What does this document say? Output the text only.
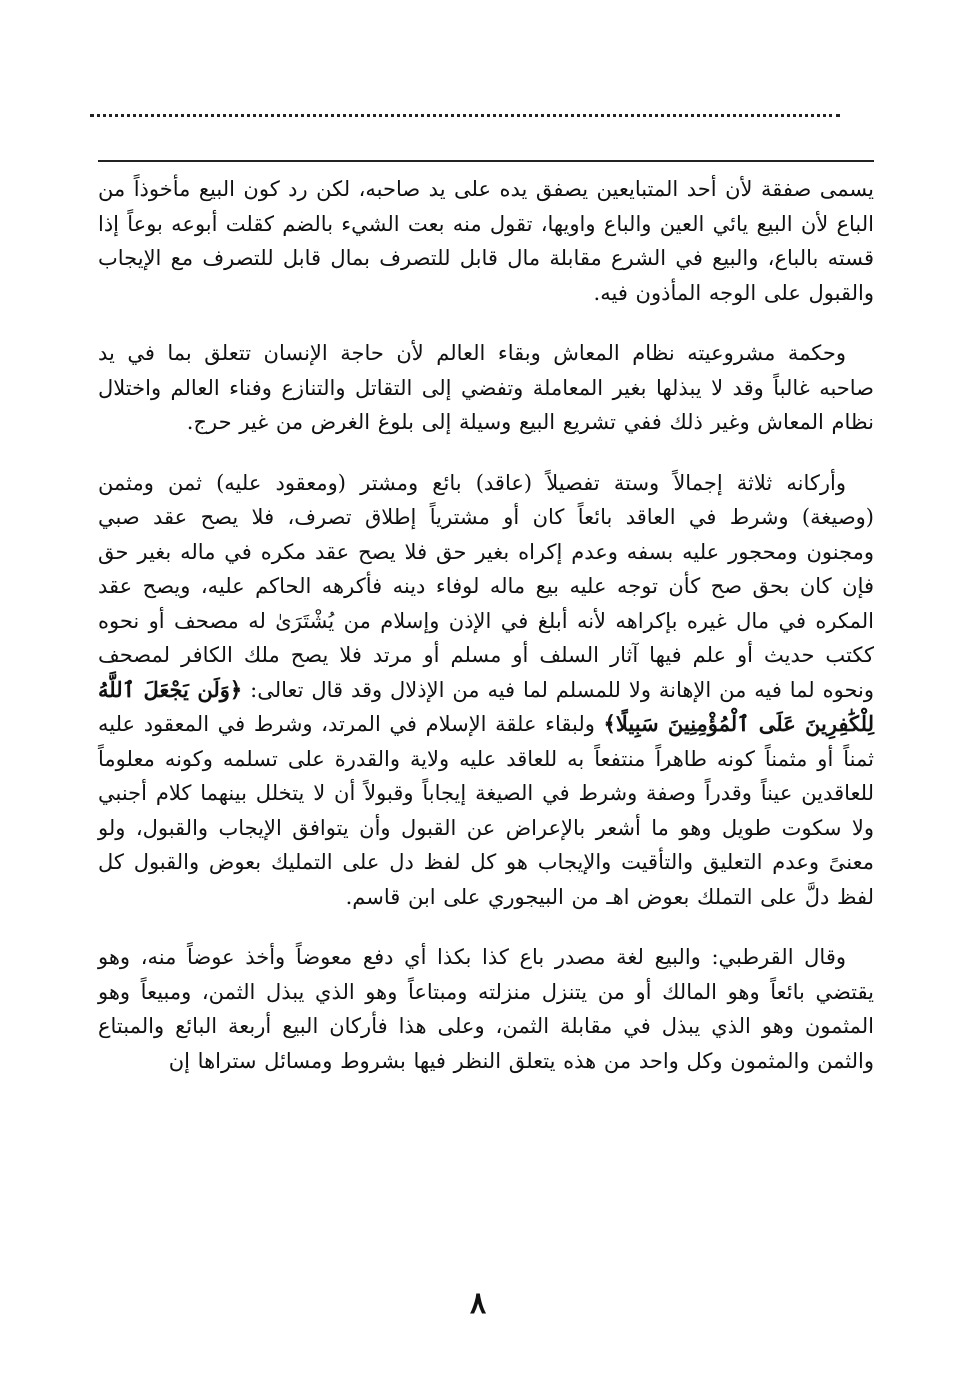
يسمى صفقة لأن أحد المتبايعين يصفق يده على يد صاحبه، لكن رد كون البيع مأخوذاً من الباع لأن البيع يائي العين والباع واويها، تقول منه بعت الشيء بالضم كقلت أبوعه بوعاً إذا قسته بالباع، والبيع في الشرع مقابلة مال قابل للتصرف بمال قابل للتصرف مع الإيجاب والقبول على الوجه المأذون فيه.

وحكمة مشروعيته نظام المعاش وبقاء العالم لأن حاجة الإنسان تتعلق بما في يد صاحبه غالباً وقد لا يبذلها بغير المعاملة وتفضي إلى التقاتل والتنازع وفناء العالم واختلال نظام المعاش وغير ذلك ففي تشريع البيع وسيلة إلى بلوغ الغرض من غير حرج.

وأركانه ثلاثة إجمالاً وستة تفصيلاً (عاقد) بائع ومشتر (ومعقود عليه) ثمن ومثمن (وصيغة) وشرط في العاقد بائعاً كان أو مشترياً إطلاق تصرف، فلا يصح عقد صبي ومجنون ومحجور عليه بسفه وعدم إكراه بغير حق فلا يصح عقد مكره في ماله بغير حق فإن كان بحق صح كأن توجه عليه بيع ماله لوفاء دينه فأكرهه الحاكم عليه، ويصح عقد المكره في مال غيره بإكراهه لأنه أبلغ في الإذن وإسلام من يُشْتَرَىٰ له مصحف أو نحوه ككتب حديث أو علم فيها آثار السلف أو مسلم أو مرتد فلا يصح ملك الكافر لمصحف ونحوه لما فيه من الإهانة ولا للمسلم لما فيه من الإذلال وقد قال تعالى: ﴿وَلَن يَجْعَلَ ٱللَّهُ لِلْكَٰفِرِينَ عَلَى ٱلْمُؤْمِنِينَ سَبِيلًا﴾ ولبقاء علقة الإسلام في المرتد، وشرط في المعقود عليه ثمناً أو مثمناً كونه طاهراً منتفعاً به للعاقد عليه ولاية والقدرة على تسلمه وكونه معلوماً للعاقدين عيناً وقدراً وصفة وشرط في الصيغة إيجاباً وقبولاً أن لا يتخلل بينهما كلام أجنبي ولا سكوت طويل وهو ما أشعر بالإعراض عن القبول وأن يتوافق الإيجاب والقبول، ولو معنىً وعدم التعليق والتأقيت والإيجاب هو كل لفظ دل على التمليك بعوض والقبول كل لفظ دلَّ على التملك بعوض اهـ من البيجوري على ابن قاسم.

وقال القرطبي: والبيع لغة مصدر باع كذا بكذا أي دفع معوضاً وأخذ عوضاً منه، وهو يقتضي بائعاً وهو المالك أو من يتنزل منزلته ومبتاعاً وهو الذي يبذل الثمن، ومبيعاً وهو المثمون وهو الذي يبذل في مقابلة الثمن، وعلى هذا فأركان البيع أربعة البائع والمبتاع والثمن والمثمون وكل واحد من هذه يتعلق النظر فيها بشروط ومسائل ستراها إن

٨
